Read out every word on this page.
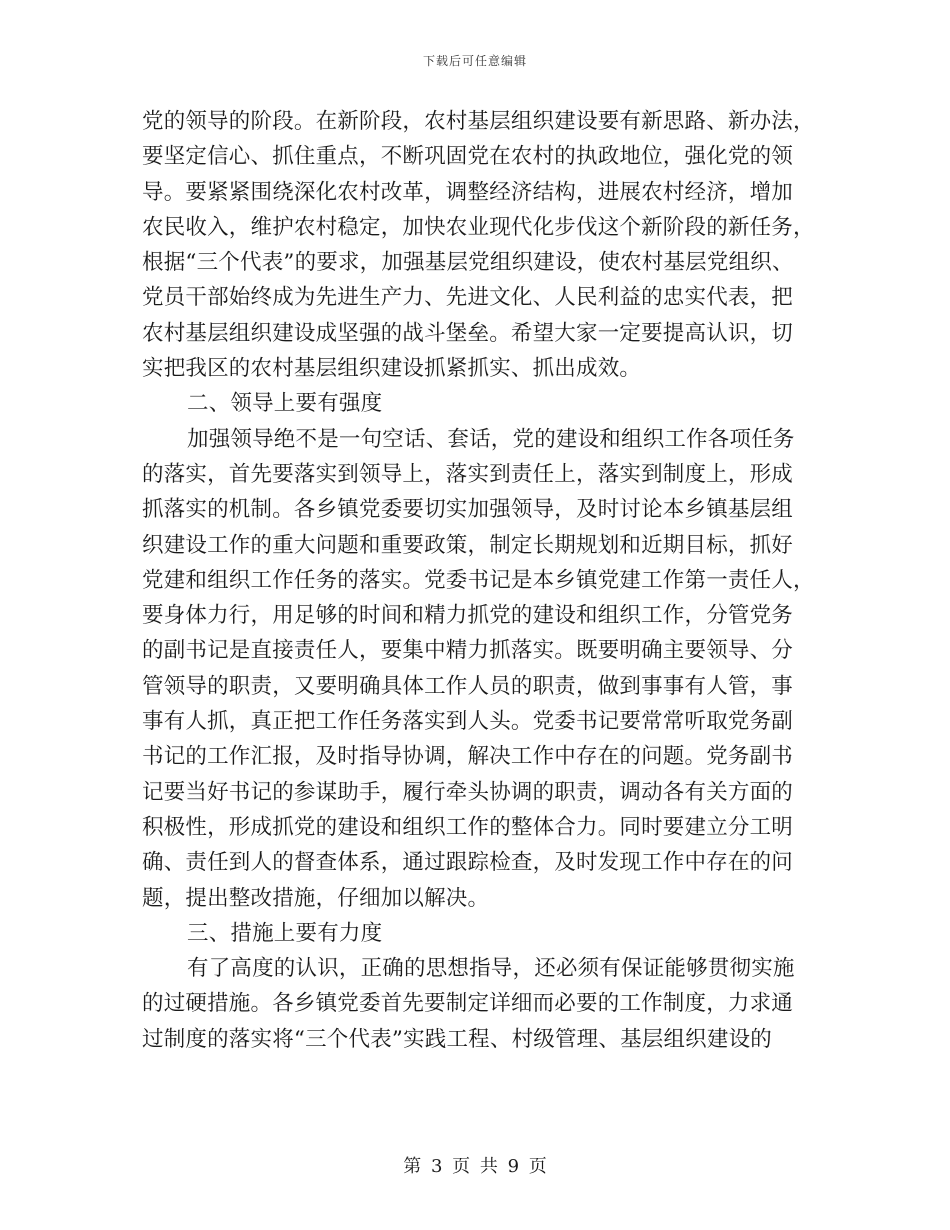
下载后可任意编辑
党的领导的阶段。在新阶段，农村基层组织建设要有新思路、新办法，
要坚定信心、抓住重点，不断巩固党在农村的执政地位，强化党的领
导。要紧紧围绕深化农村改革，调整经济结构，进展农村经济，增加
农民收入，维护农村稳定，加快农业现代化步伐这个新阶段的新任务，
根据“三个代表”的要求，加强基层党组织建设，使农村基层党组织、
党员干部始终成为先进生产力、先进文化、人民利益的忠实代表，把
农村基层组织建设成坚强的战斗堡垒。希望大家一定要提高认识，切
实把我区的农村基层组织建设抓紧抓实、抓出成效。
二、领导上要有强度
加强领导绝不是一句空话、套话，党的建设和组织工作各项任务
的落实，首先要落实到领导上，落实到责任上，落实到制度上，形成
抓落实的机制。各乡镇党委要切实加强领导，及时讨论本乡镇基层组
织建设工作的重大问题和重要政策，制定长期规划和近期目标，抓好
党建和组织工作任务的落实。党委书记是本乡镇党建工作第一责任人，
要身体力行，用足够的时间和精力抓党的建设和组织工作，分管党务
的副书记是直接责任人，要集中精力抓落实。既要明确主要领导、分
管领导的职责，又要明确具体工作人员的职责，做到事事有人管，事
事有人抓，真正把工作任务落实到人头。党委书记要常常听取党务副
书记的工作汇报，及时指导协调，解决工作中存在的问题。党务副书
记要当好书记的参谋助手，履行牵头协调的职责，调动各有关方面的
积极性，形成抓党的建设和组织工作的整体合力。同时要建立分工明
确、责任到人的督查体系，通过跟踪检查，及时发现工作中存在的问
题，提出整改措施，仔细加以解决。
三、措施上要有力度
有了高度的认识，正确的思想指导，还必须有保证能够贯彻实施
的过硬措施。各乡镇党委首先要制定详细而必要的工作制度，力求通
过制度的落实将“三个代表”实践工程、村级管理、基层组织建设的
第 3 页 共 9 页
